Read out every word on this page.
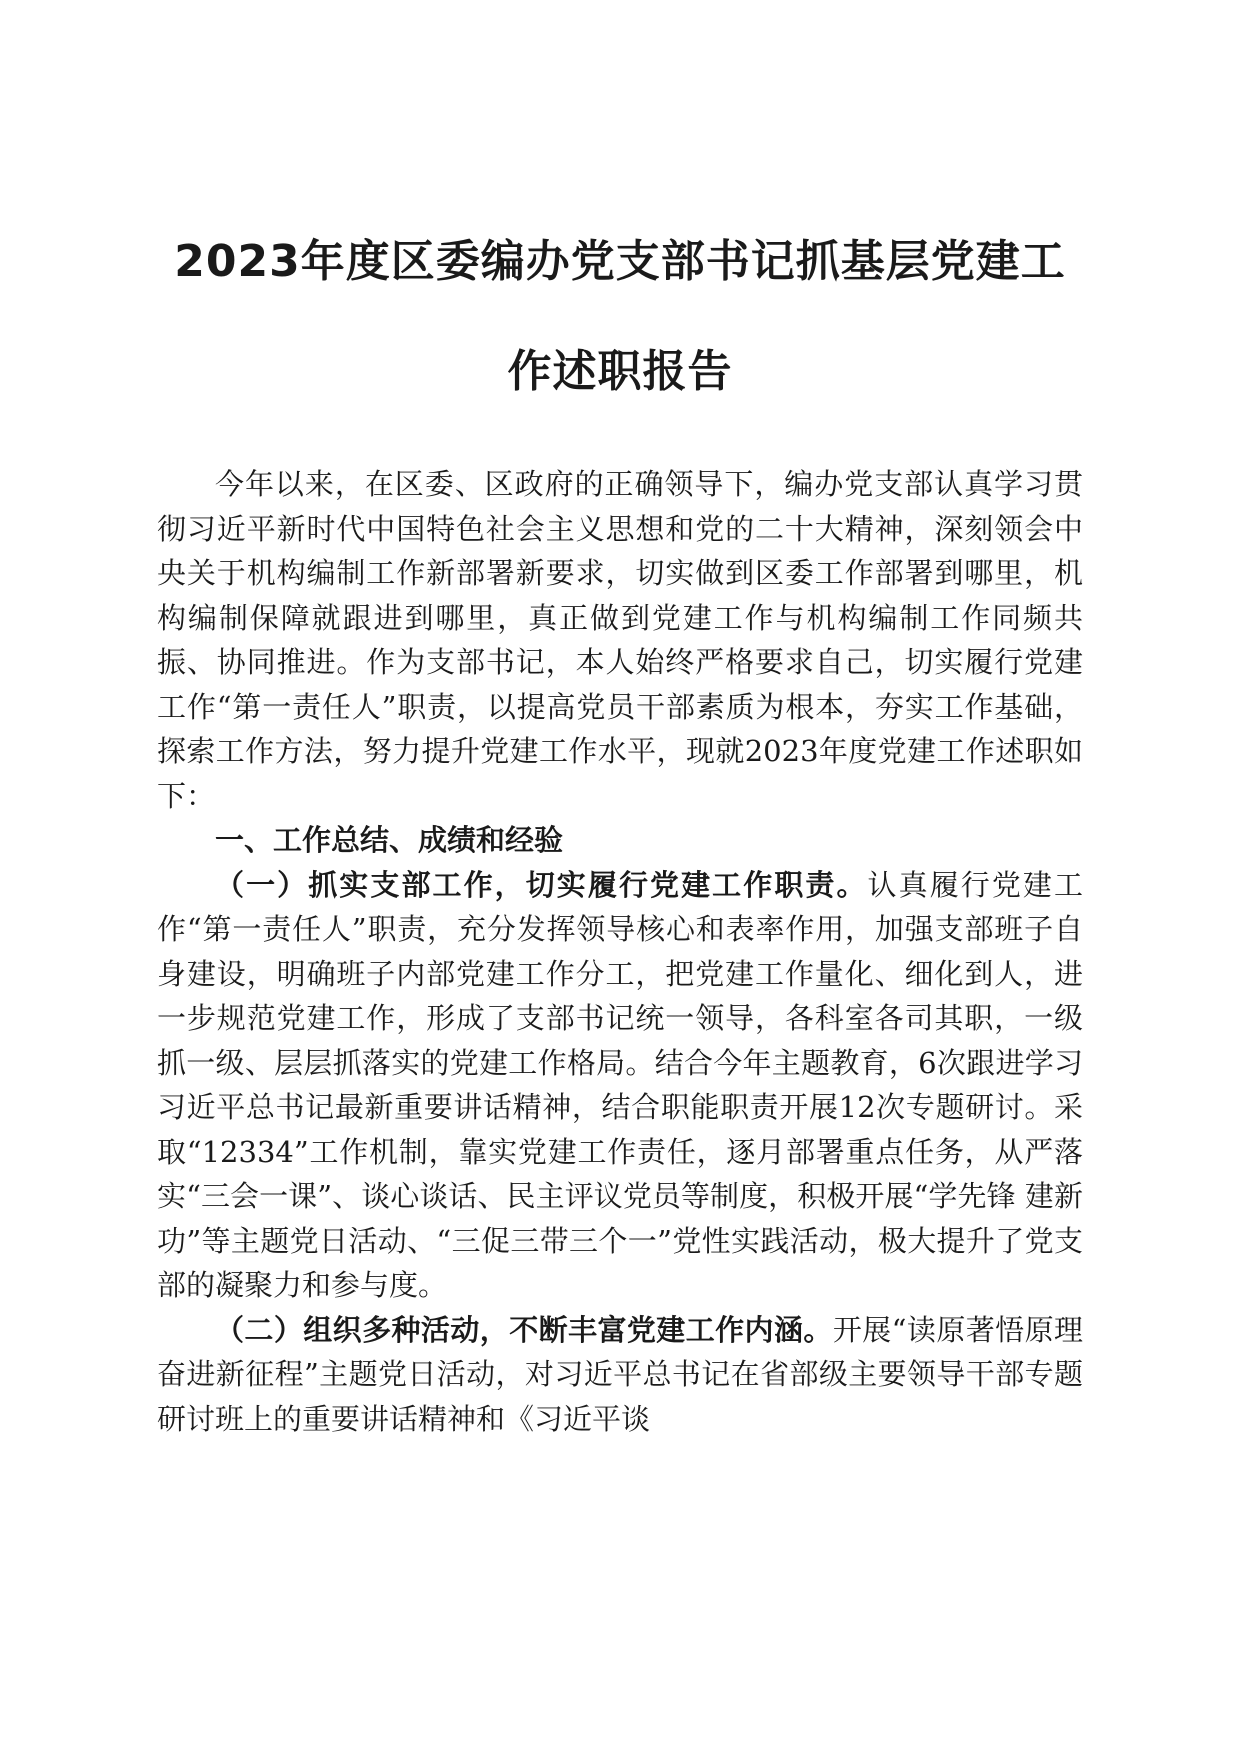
2023年度区委编办党支部书记抓基层党建工
作述职报告

今年以来，在区委、区政府的正确领导下，编办党支部认真学习贯彻习近平新时代中国特色社会主义思想和党的二十大精神，深刻领会中央关于机构编制工作新部署新要求，切实做到区委工作部署到哪里，机构编制保障就跟进到哪里，真正做到党建工作与机构编制工作同频共振、协同推进。作为支部书记，本人始终严格要求自己，切实履行党建工作“第一责任人”职责，以提高党员干部素质为根本，夯实工作基础，探索工作方法，努力提升党建工作水平，现就2023年度党建工作述职如下：

一、工作总结、成绩和经验

（一）抓实支部工作，切实履行党建工作职责。认真履行党建工作“第一责任人”职责，充分发挥领导核心和表率作用，加强支部班子自身建设，明确班子内部党建工作分工，把党建工作量化、细化到人，进一步规范党建工作，形成了支部书记统一领导，各科室各司其职，一级抓一级、层层抓落实的党建工作格局。结合今年主题教育，6次跟进学习习近平总书记最新重要讲话精神，结合职能职责开展12次专题研讨。采取“12334”工作机制，靠实党建工作责任，逐月部署重点任务，从严落实“三会一课”、谈心谈话、民主评议党员等制度，积极开展“学先锋 建新功”等主题党日活动、“三促三带三个一”党性实践活动，极大提升了党支部的凝聚力和参与度。

（二）组织多种活动，不断丰富党建工作内涵。开展“读原著悟原理奋进新征程”主题党日活动，对习近平总书记在省部级主要领导干部专题研讨班上的重要讲话精神和《习近平谈
